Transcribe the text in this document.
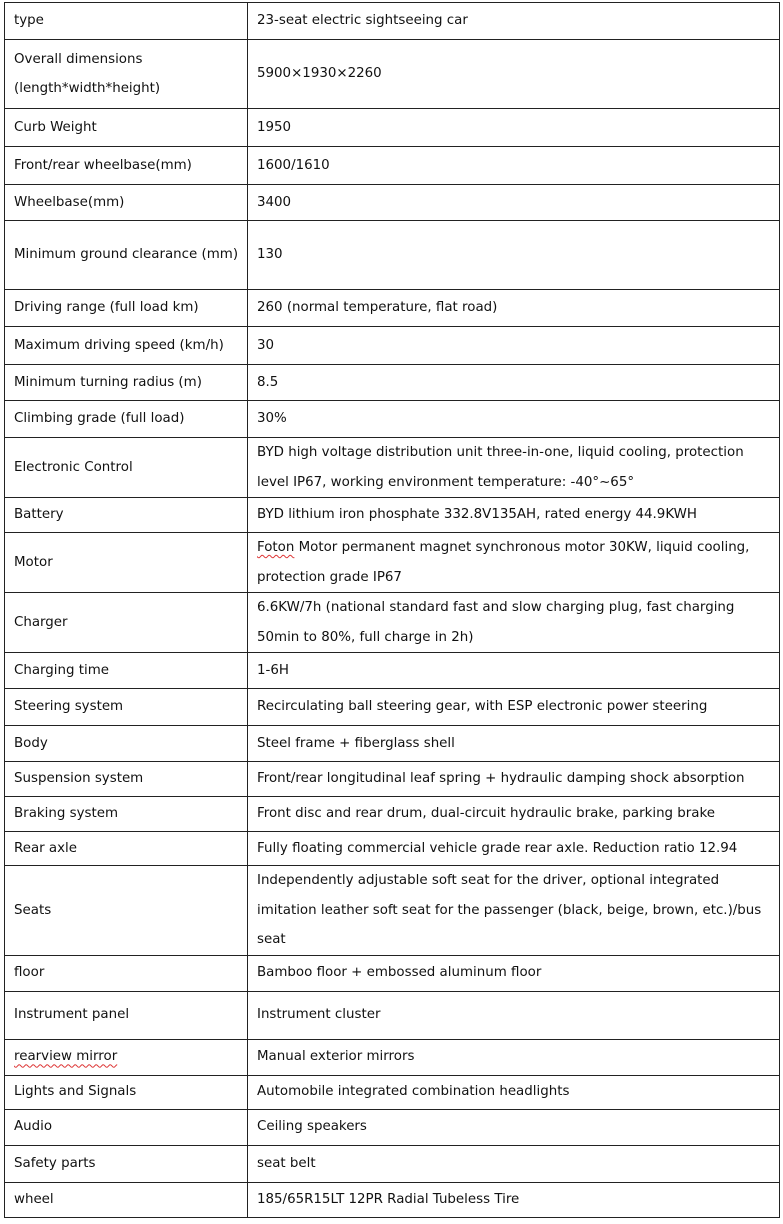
type	23-seat electric sightseeing car
Overall dimensions (length*width*height)	5900×1930×2260
Curb Weight	1950
Front/rear wheelbase(mm)	1600/1610
Wheelbase(mm)	3400
Minimum ground clearance (mm)	130
Driving range (full load km)	260 (normal temperature, flat road)
Maximum driving speed (km/h)	30
Minimum turning radius (m)	8.5
Climbing grade (full load)	30%
Electronic Control	BYD high voltage distribution unit three-in-one, liquid cooling, protection level IP67, working environment temperature: -40°~65°
Battery	BYD lithium iron phosphate 332.8V135AH, rated energy 44.9KWH
Motor	Foton Motor permanent magnet synchronous motor 30KW, liquid cooling, protection grade IP67
Charger	6.6KW/7h (national standard fast and slow charging plug, fast charging 50min to 80%, full charge in 2h)
Charging time	1-6H
Steering system	Recirculating ball steering gear, with ESP electronic power steering
Body	Steel frame + fiberglass shell
Suspension system	Front/rear longitudinal leaf spring + hydraulic damping shock absorption
Braking system	Front disc and rear drum, dual-circuit hydraulic brake, parking brake
Rear axle	Fully floating commercial vehicle grade rear axle. Reduction ratio 12.94
Seats	Independently adjustable soft seat for the driver, optional integrated imitation leather soft seat for the passenger (black, beige, brown, etc.)/bus seat
floor	Bamboo floor + embossed aluminum floor
Instrument panel	Instrument cluster
rearview mirror	Manual exterior mirrors
Lights and Signals	Automobile integrated combination headlights
Audio	Ceiling speakers
Safety parts	seat belt
wheel	185/65R15LT 12PR Radial Tubeless Tire
